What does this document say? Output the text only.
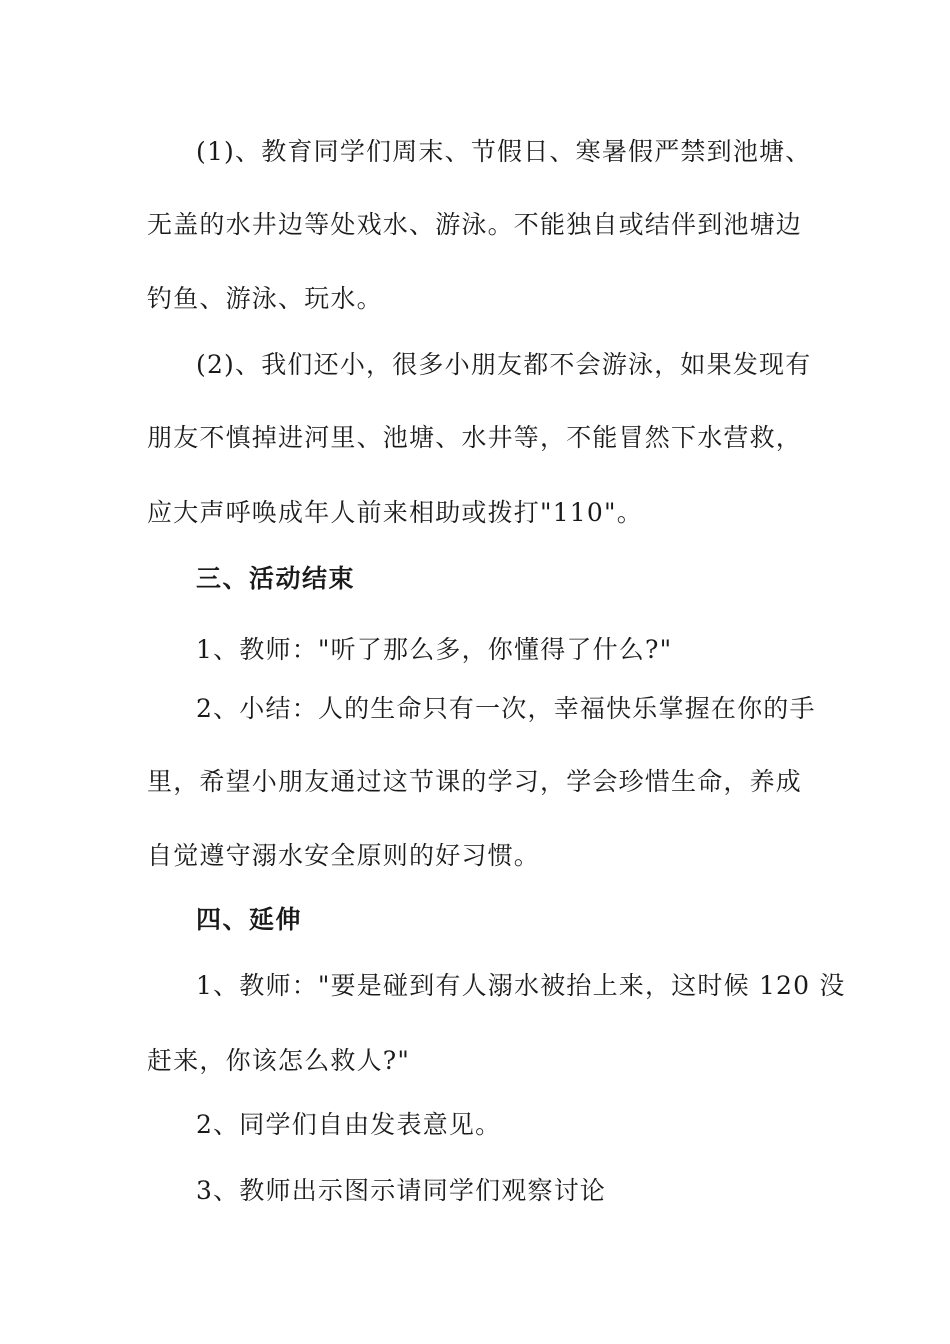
(1)、教育同学们周末、节假日、寒暑假严禁到池塘、
无盖的水井边等处戏水、游泳。不能独自或结伴到池塘边
钓鱼、游泳、玩水。
(2)、我们还小，很多小朋友都不会游泳，如果发现有
朋友不慎掉进河里、池塘、水井等，不能冒然下水营救，
应大声呼唤成年人前来相助或拨打"110"。
三、活动结束
1、教师："听了那么多，你懂得了什么?"
2、小结：人的生命只有一次，幸福快乐掌握在你的手
里，希望小朋友通过这节课的学习，学会珍惜生命，养成
自觉遵守溺水安全原则的好习惯。
四、延伸
1、教师："要是碰到有人溺水被抬上来，这时候 120 没
赶来，你该怎么救人?"
2、同学们自由发表意见。
3、教师出示图示请同学们观察讨论
